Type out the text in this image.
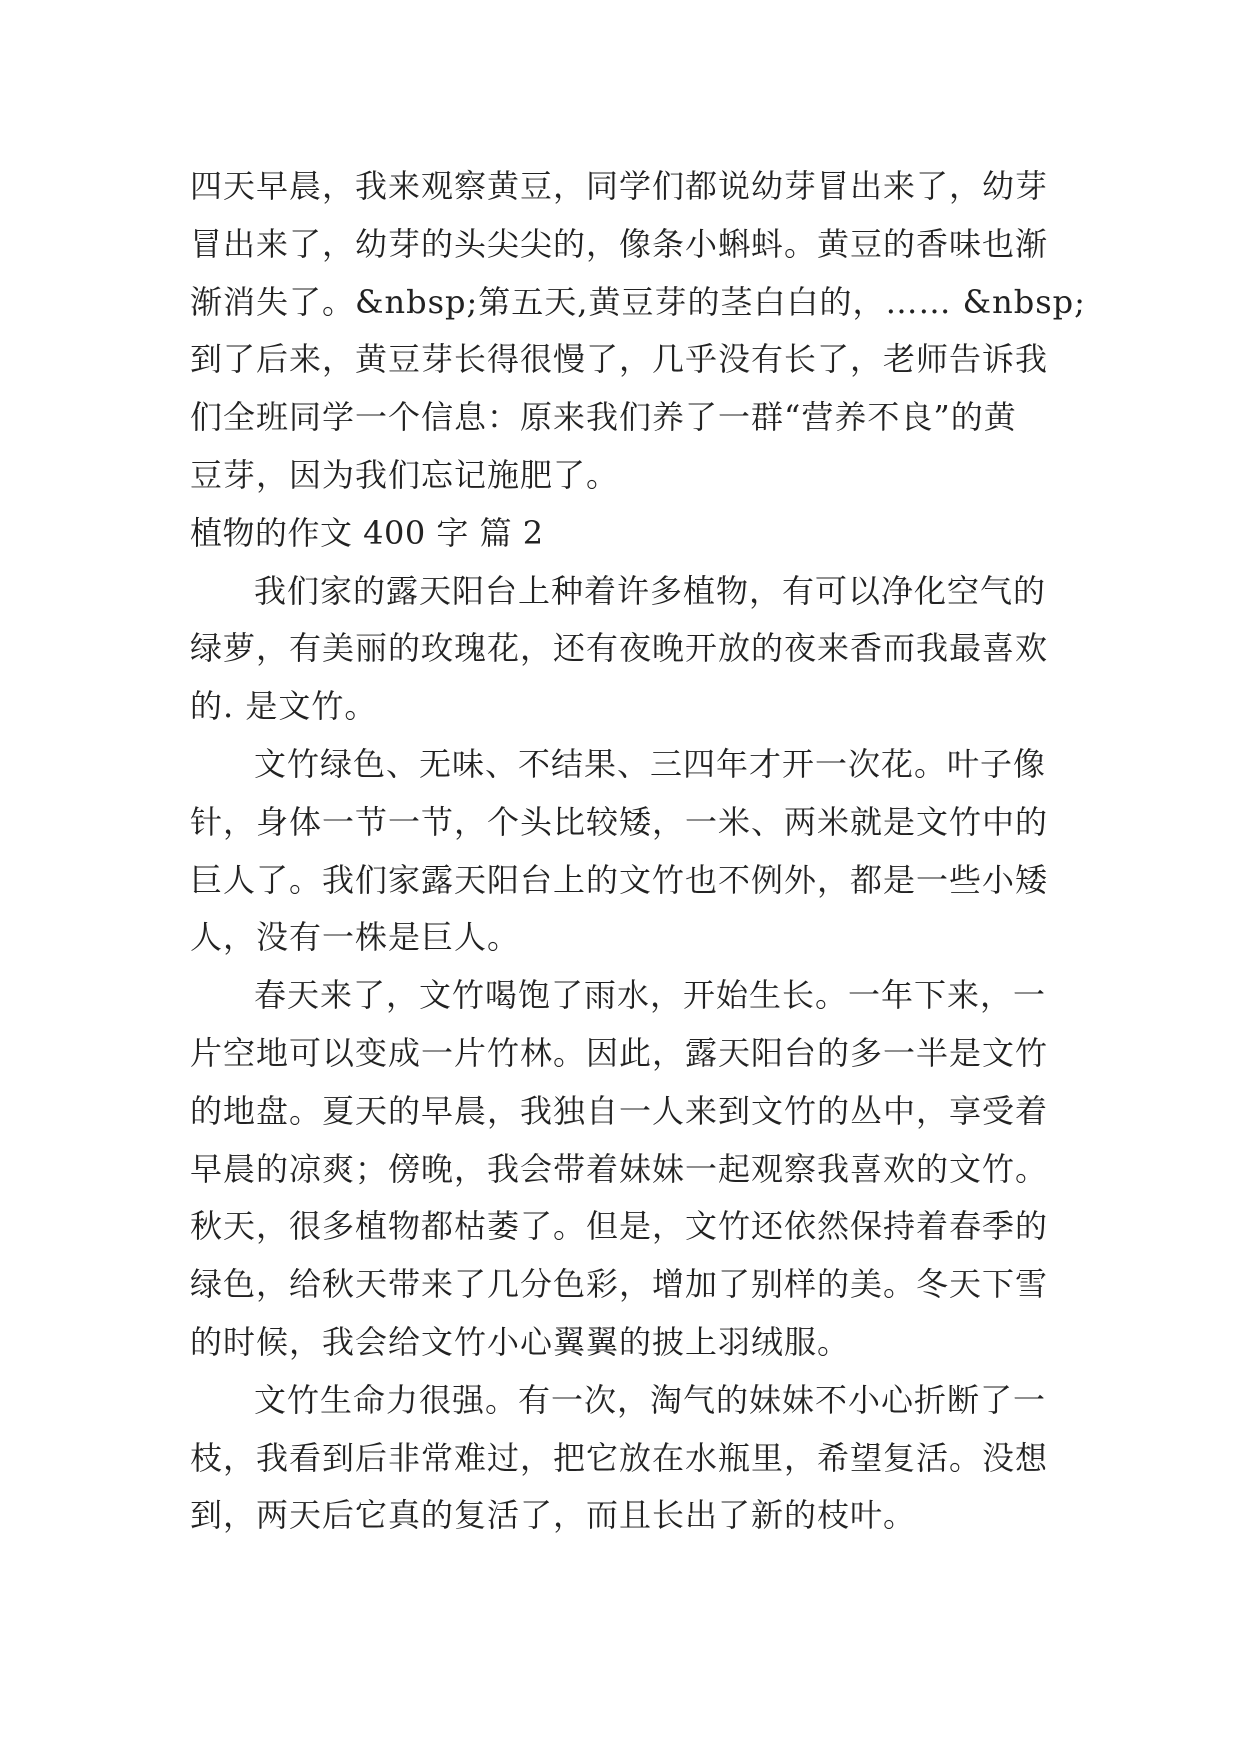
四天早晨，我来观察黄豆，同学们都说幼芽冒出来了，幼芽
冒出来了，幼芽的头尖尖的，像条小蝌蚪。黄豆的香味也渐
渐消失了。&nbsp;第五天,黄豆芽的茎白白的，…… &nbsp;
到了后来，黄豆芽长得很慢了，几乎没有长了，老师告诉我
们全班同学一个信息：原来我们养了一群“营养不良”的黄
豆芽，因为我们忘记施肥了。
植物的作文 400 字 篇 2
我们家的露天阳台上种着许多植物，有可以净化空气的
绿萝，有美丽的玫瑰花，还有夜晚开放的夜来香而我最喜欢
的. 是文竹。
文竹绿色、无味、不结果、三四年才开一次花。叶子像
针，身体一节一节，个头比较矮，一米、两米就是文竹中的
巨人了。我们家露天阳台上的文竹也不例外，都是一些小矮
人，没有一株是巨人。
春天来了，文竹喝饱了雨水，开始生长。一年下来，一
片空地可以变成一片竹林。因此，露天阳台的多一半是文竹
的地盘。夏天的早晨，我独自一人来到文竹的丛中，享受着
早晨的凉爽；傍晚，我会带着妹妹一起观察我喜欢的文竹。
秋天，很多植物都枯萎了。但是，文竹还依然保持着春季的
绿色，给秋天带来了几分色彩，增加了别样的美。冬天下雪
的时候，我会给文竹小心翼翼的披上羽绒服。
文竹生命力很强。有一次，淘气的妹妹不小心折断了一
枝，我看到后非常难过，把它放在水瓶里，希望复活。没想
到，两天后它真的复活了，而且长出了新的枝叶。
